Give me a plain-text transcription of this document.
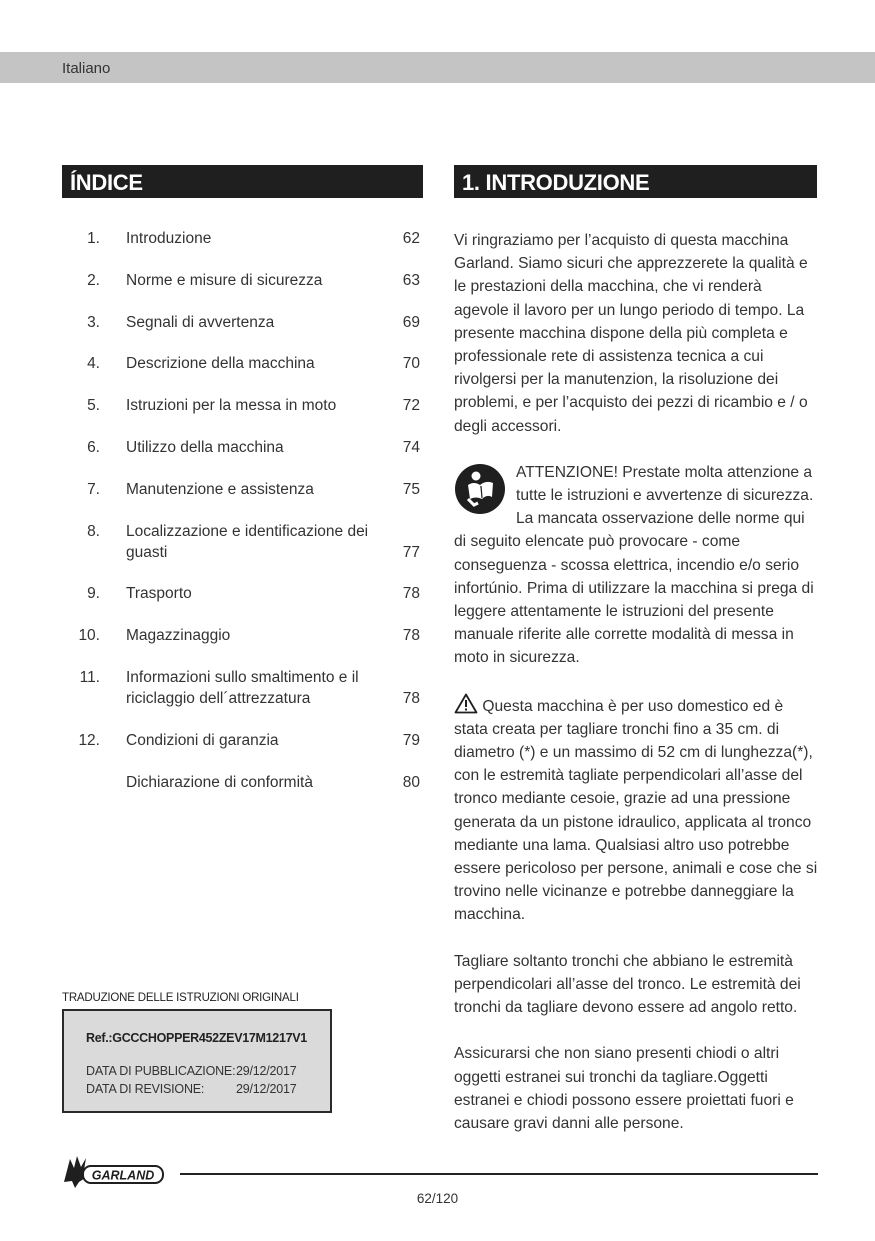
Italiano
ÍNDICE	1. INTRODUZIONE
1. Introduzione	62
2. Norme e misure di sicurezza	63
3. Segnali di avvertenza	69
4. Descrizione della macchina	70
5. Istruzioni per la messa in moto	72
6. Utilizzo della macchina	74
7. Manutenzione e assistenza	75
8. Localizzazione e identificazione dei
guasti	77
9. Trasporto	78
10. Magazzinaggio	78
11. Informazioni sullo smaltimento e il
riciclaggio dell´attrezzatura	78
12. Condizioni di garanzia	79
Dichiarazione di conformità	80

Vi ringraziamo per l’acquisto di questa macchina Garland. Siamo sicuri che apprezzerete la qualità e le prestazioni della macchina, che vi renderà agevole il lavoro per un lungo periodo di tempo. La presente macchina dispone della più completa e professionale rete di assistenza tecnica a cui rivolgersi per la manutenzion, la risoluzione dei problemi, e per l’acquisto dei pezzi di ricambio e / o degli accessori.

ATTENZIONE! Prestate molta attenzione a tutte le istruzioni e avvertenze di sicurezza. La mancata osservazione delle norme qui di seguito elencate può provocare - come conseguenza - scossa elettrica, incendio e/o serio infortúnio. Prima di utilizzare la macchina si prega di leggere attentamente le istruzioni del presente manuale riferite alle corrette modalità di messa in moto in sicurezza.

Questa macchina è per uso domestico ed è stata creata per tagliare tronchi fino a 35 cm. di diametro (*) e un massimo di 52 cm di lunghezza(*), con le estremità tagliate perpendicolari all’asse del tronco mediante cesoie, grazie ad una pressione generata da un pistone idraulico, applicata al tronco mediante una lama. Qualsiasi altro uso potrebbe essere pericoloso per persone, animali e cose che si trovino nelle vicinanze e potrebbe danneggiare la macchina.

Tagliare soltanto tronchi che abbiano le estremità perpendicolari all’asse del tronco. Le estremità dei tronchi da tagliare devono essere ad angolo retto.

Assicurarsi che non siano presenti chiodi o altri oggetti estranei sui tronchi da tagliare.Oggetti estranei e chiodi possono essere proiettati fuori e causare gravi danni alle persone.

TRADUZIONE DELLE ISTRUZIONI ORIGINALI
Ref.:GCCCHOPPER452ZEV17M1217V1
DATA DI PUBBLICAZIONE:29/12/2017
DATA DI REVISIONE:	29/12/2017
GARLAND
62/120
